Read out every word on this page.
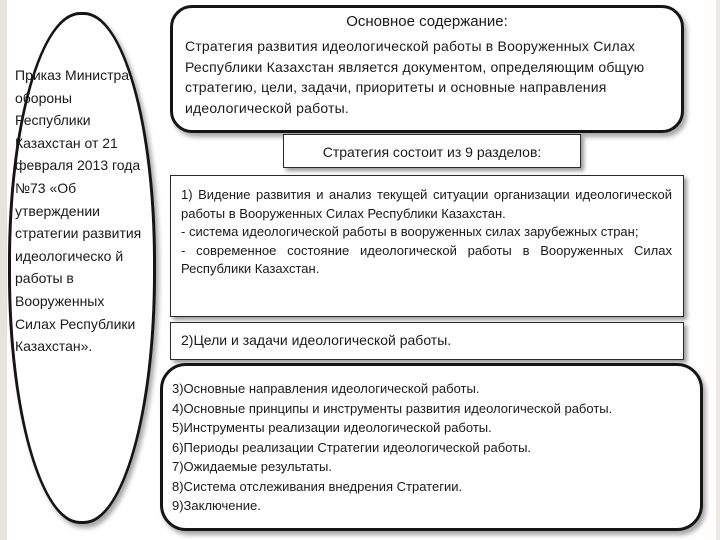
Приказ Министра обороны Республики Казахстан от 21 февраля 2013 года №73 «Об утверждении стратегии развития идеологическо й работы в Вооруженных Силах Республики Казахстан».
Основное содержание:
Стратегия развития идеологической работы в Вооруженных Силах Республики Казахстан является документом, определяющим общую стратегию, цели, задачи, приоритеты и основные направления идеологической работы.
Стратегия состоит из 9 разделов:

1) Видение развития и анализ текущей ситуации организации идеологической работы в Вооруженных Силах Республики Казахстан.

- система идеологической работы в вооруженных силах зарубежных стран;

- современное состояние идеологической работы в Вооруженных Силах Республики Казахстан.

2)Цели и задачи идеологической работы.
3)Основные направления идеологической работы.
4)Основные принципы и инструменты развития идеологической работы.
5)Инструменты реализации идеологической работы.
6)Периоды реализации Стратегии идеологической работы.
7)Ожидаемые результаты.
8)Система отслеживания внедрения Стратегии.
9)Заключение.
